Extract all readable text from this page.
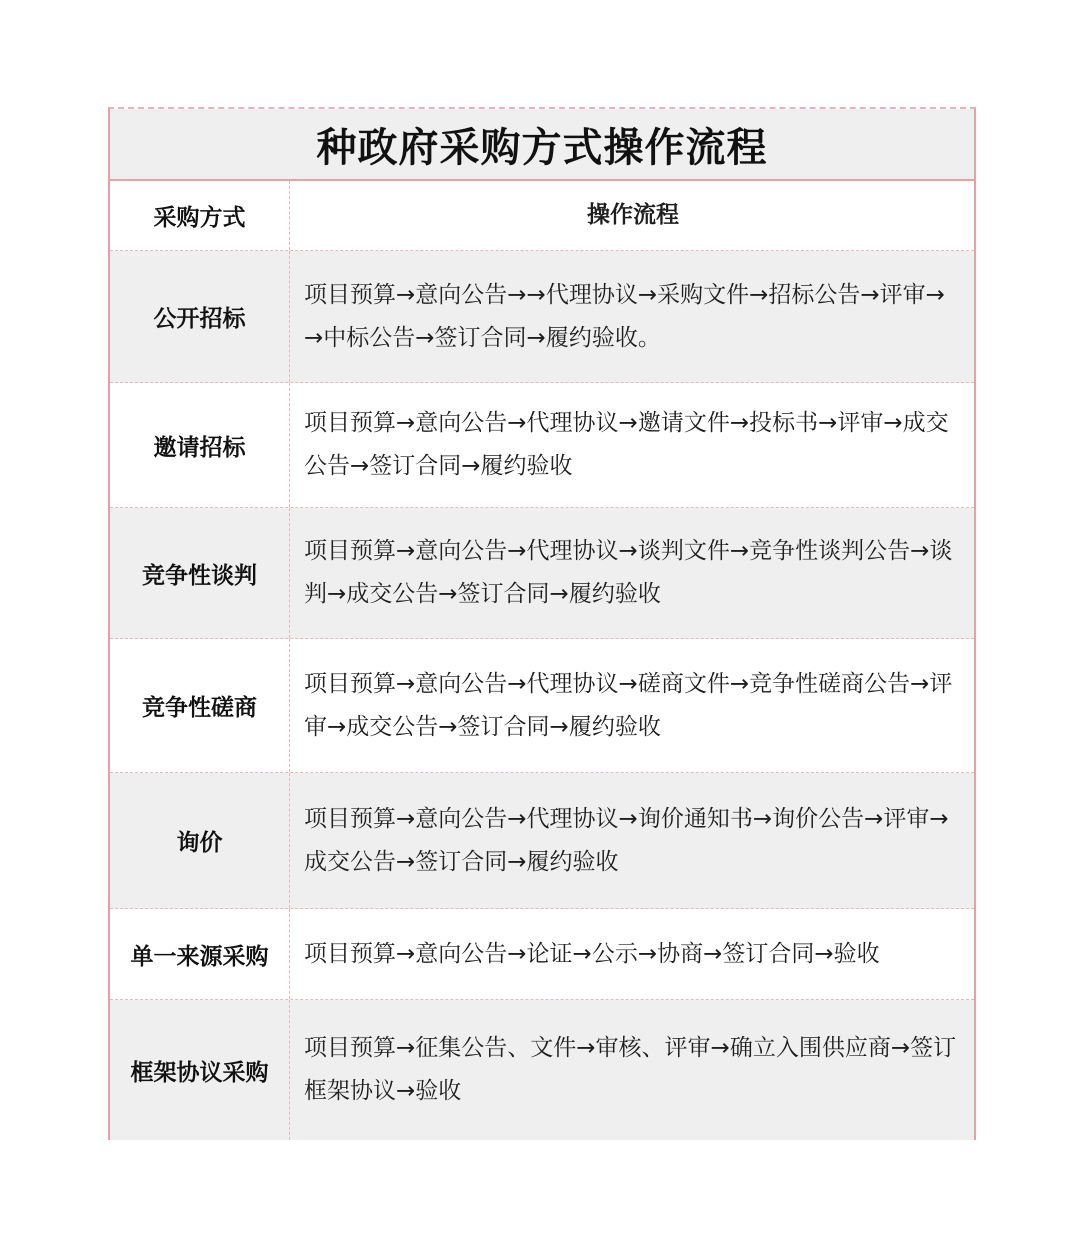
种政府采购方式操作流程
采购方式	操作流程
公开招标
项目预算→意向公告→→代理协议→采购文件→招标公告→评审→→中标公告→签订合同→履约验收。
邀请招标
项目预算→意向公告→代理协议→邀请文件→投标书→评审→成交公告→签订合同→履约验收
竞争性谈判
项目预算→意向公告→代理协议→谈判文件→竞争性谈判公告→谈判→成交公告→签订合同→履约验收
竞争性磋商
项目预算→意向公告→代理协议→磋商文件→竞争性磋商公告→评审→成交公告→签订合同→履约验收
询价
项目预算→意向公告→代理协议→询价通知书→询价公告→评审→成交公告→签订合同→履约验收
单一来源采购	项目预算→意向公告→论证→公示→协商→签订合同→验收
框架协议采购
项目预算→征集公告、文件→审核、评审→确立入围供应商→签订框架协议→验收
